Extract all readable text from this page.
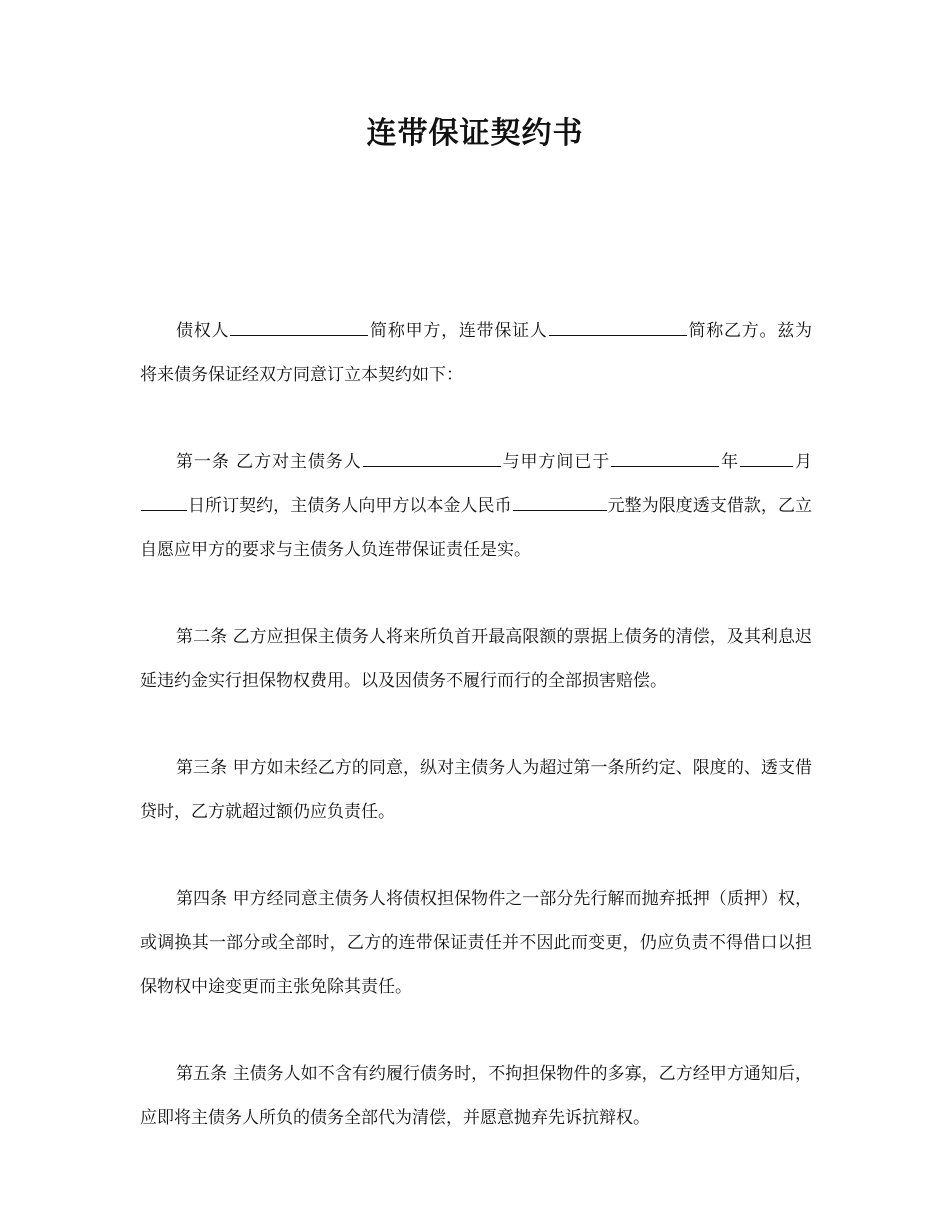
连带保证契约书

债权人	简称甲方，连带保证人	简称乙方。兹为将来债务保证经双方同意订立本契约如下：

第一条 乙方对主债务人	与甲方间已于	年	月日所订契约，主债务人向甲方以本金人民币	元整为限度透支借款，乙立自愿应甲方的要求与主债务人负连带保证责任是实。

第二条 乙方应担保主债务人将来所负首开最高限额的票据上债务的清偿，及其利息迟延违约金实行担保物权费用。以及因债务不履行而行的全部损害赔偿。

第三条 甲方如未经乙方的同意，纵对主债务人为超过第一条所约定、限度的、透支借贷时，乙方就超过额仍应负责任。

第四条 甲方经同意主债务人将债权担保物件之一部分先行解而抛弃抵押（质押）权，或调换其一部分或全部时，乙方的连带保证责任并不因此而变更，仍应负责不得借口以担保物权中途变更而主张免除其责任。

第五条 主债务人如不含有约履行债务时，不拘担保物件的多寡，乙方经甲方通知后，应即将主债务人所负的债务全部代为清偿，并愿意抛弃先诉抗辩权。
